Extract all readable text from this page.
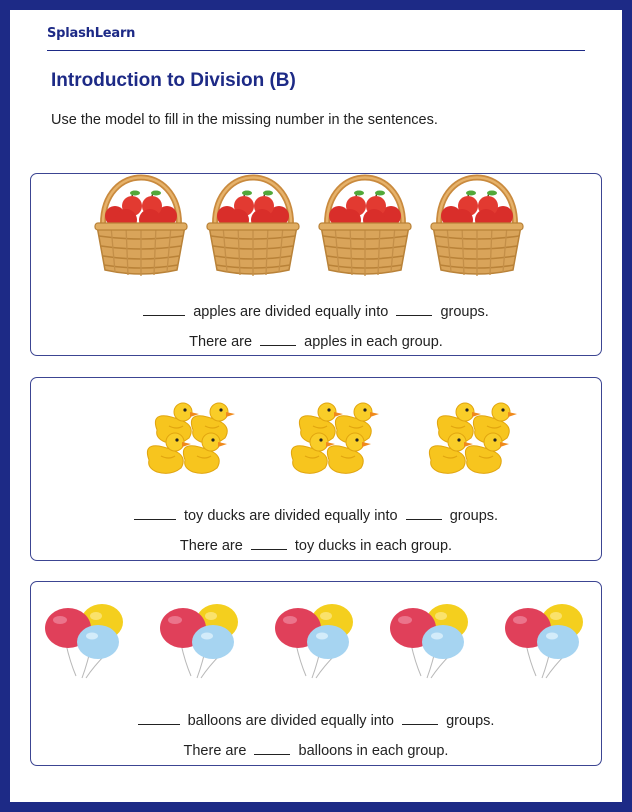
SplashLearn
Introduction to Division (B)
Use the model to fill in the missing number in the sentences.
apples are divided equally into	groups.
There are	apples in each group.
toy ducks are divided equally into	groups.
There are	toy ducks in each group.
balloons are divided equally into	groups.
There are	balloons in each group.
